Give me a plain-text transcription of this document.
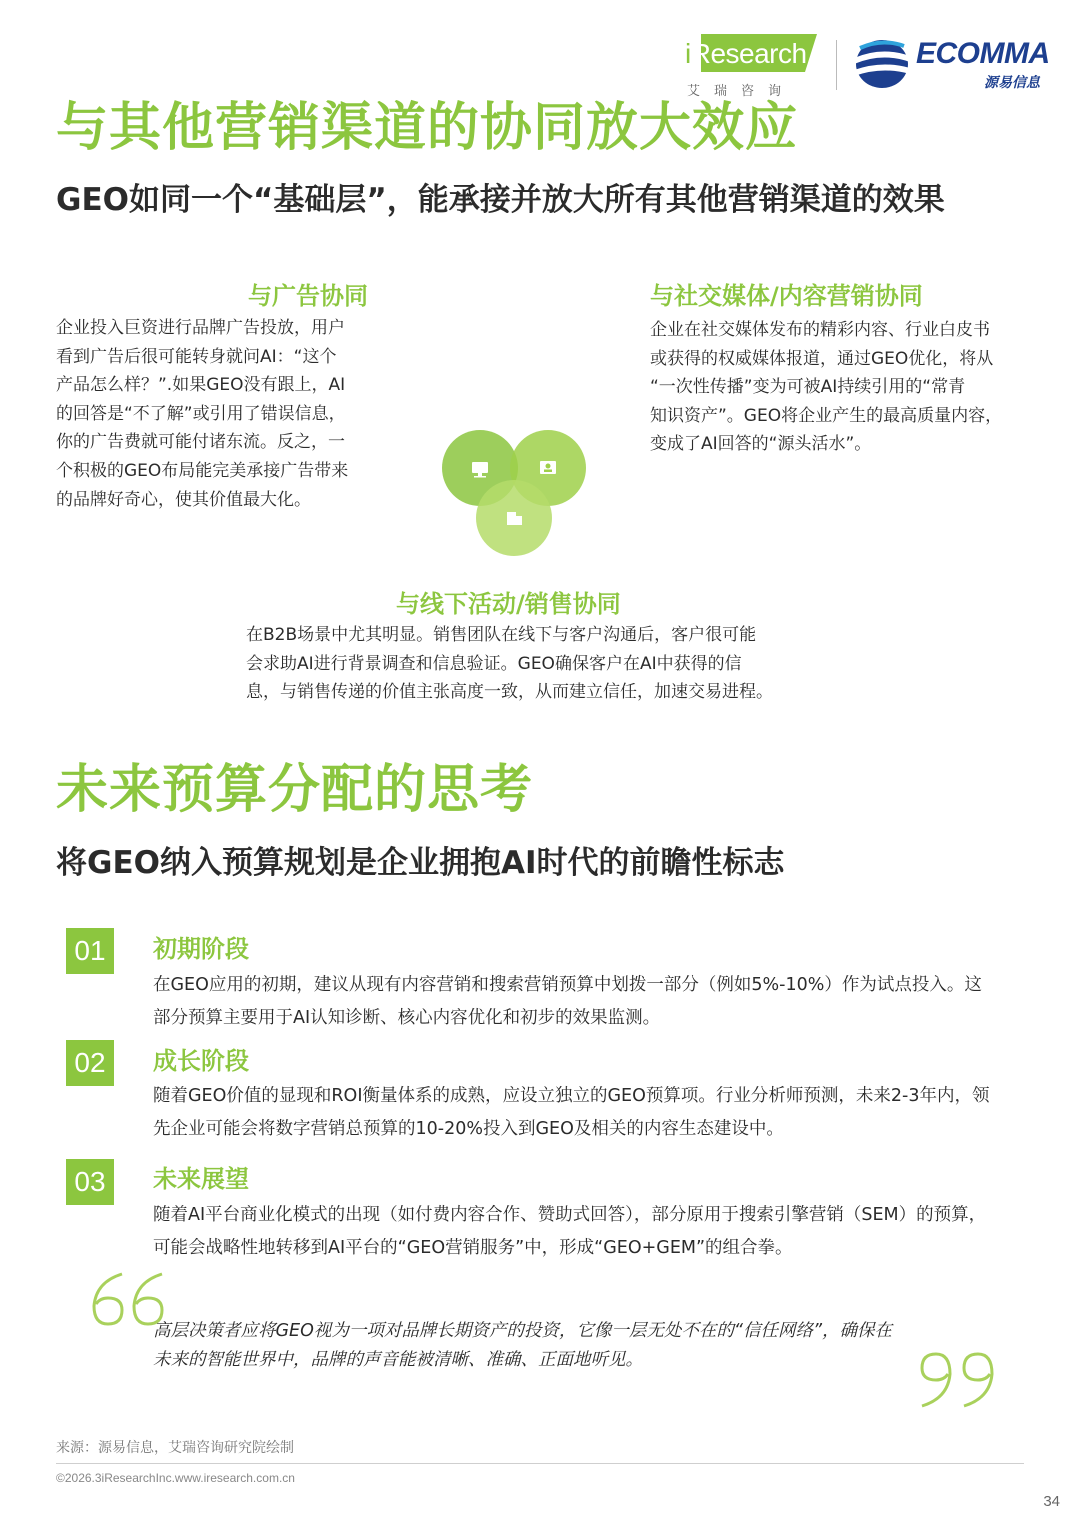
iResearch
艾瑞咨询
ECOMMA
源易信息
与其他营销渠道的协同放大效应
GEO如同一个“基础层”，能承接并放大所有其他营销渠道的效果
与广告协同
企业投入巨资进行品牌广告投放，用户
看到广告后很可能转身就问AI：“这个
产品怎么样？”.如果GEO没有跟上，AI
的回答是“不了解”或引用了错误信息，
你的广告费就可能付诸东流。反之，一
个积极的GEO布局能完美承接广告带来
的品牌好奇心，使其价值最大化。
与社交媒体/内容营销协同
企业在社交媒体发布的精彩内容、行业白皮书
或获得的权威媒体报道，通过GEO优化，将从
“一次性传播”变为可被AI持续引用的“常青
知识资产”。GEO将企业产生的最高质量内容，
变成了AI回答的“源头活水”。
与线下活动/销售协同
在B2B场景中尤其明显。销售团队在线下与客户沟通后，客户很可能
会求助AI进行背景调查和信息验证。GEO确保客户在AI中获得的信
息，与销售传递的价值主张高度一致，从而建立信任，加速交易进程。
未来预算分配的思考
将GEO纳入预算规划是企业拥抱AI时代的前瞻性标志
01	初期阶段
在GEO应用的初期，建议从现有内容营销和搜索营销预算中划拨一部分（例如5%-10%）作为试点投入。这
部分预算主要用于AI认知诊断、核心内容优化和初步的效果监测。
02	成长阶段
随着GEO价值的显现和ROI衡量体系的成熟，应设立独立的GEO预算项。行业分析师预测，未来2-3年内，领
先企业可能会将数字营销总预算的10-20%投入到GEO及相关的内容生态建设中。
03	未来展望
随着AI平台商业化模式的出现（如付费内容合作、赞助式回答），部分原用于搜索引擎营销（SEM）的预算，
可能会战略性地转移到AI平台的“GEO营销服务”中，形成“GEO+GEM”的组合拳。
高层决策者应将GEO视为一项对品牌长期资产的投资，它像一层无处不在的“信任网络”，确保在
未来的智能世界中，品牌的声音能被清晰、准确、正面地听见。
来源：源易信息，艾瑞咨询研究院绘制
©2026.3iResearchInc.www.iresearch.com.cn
34
